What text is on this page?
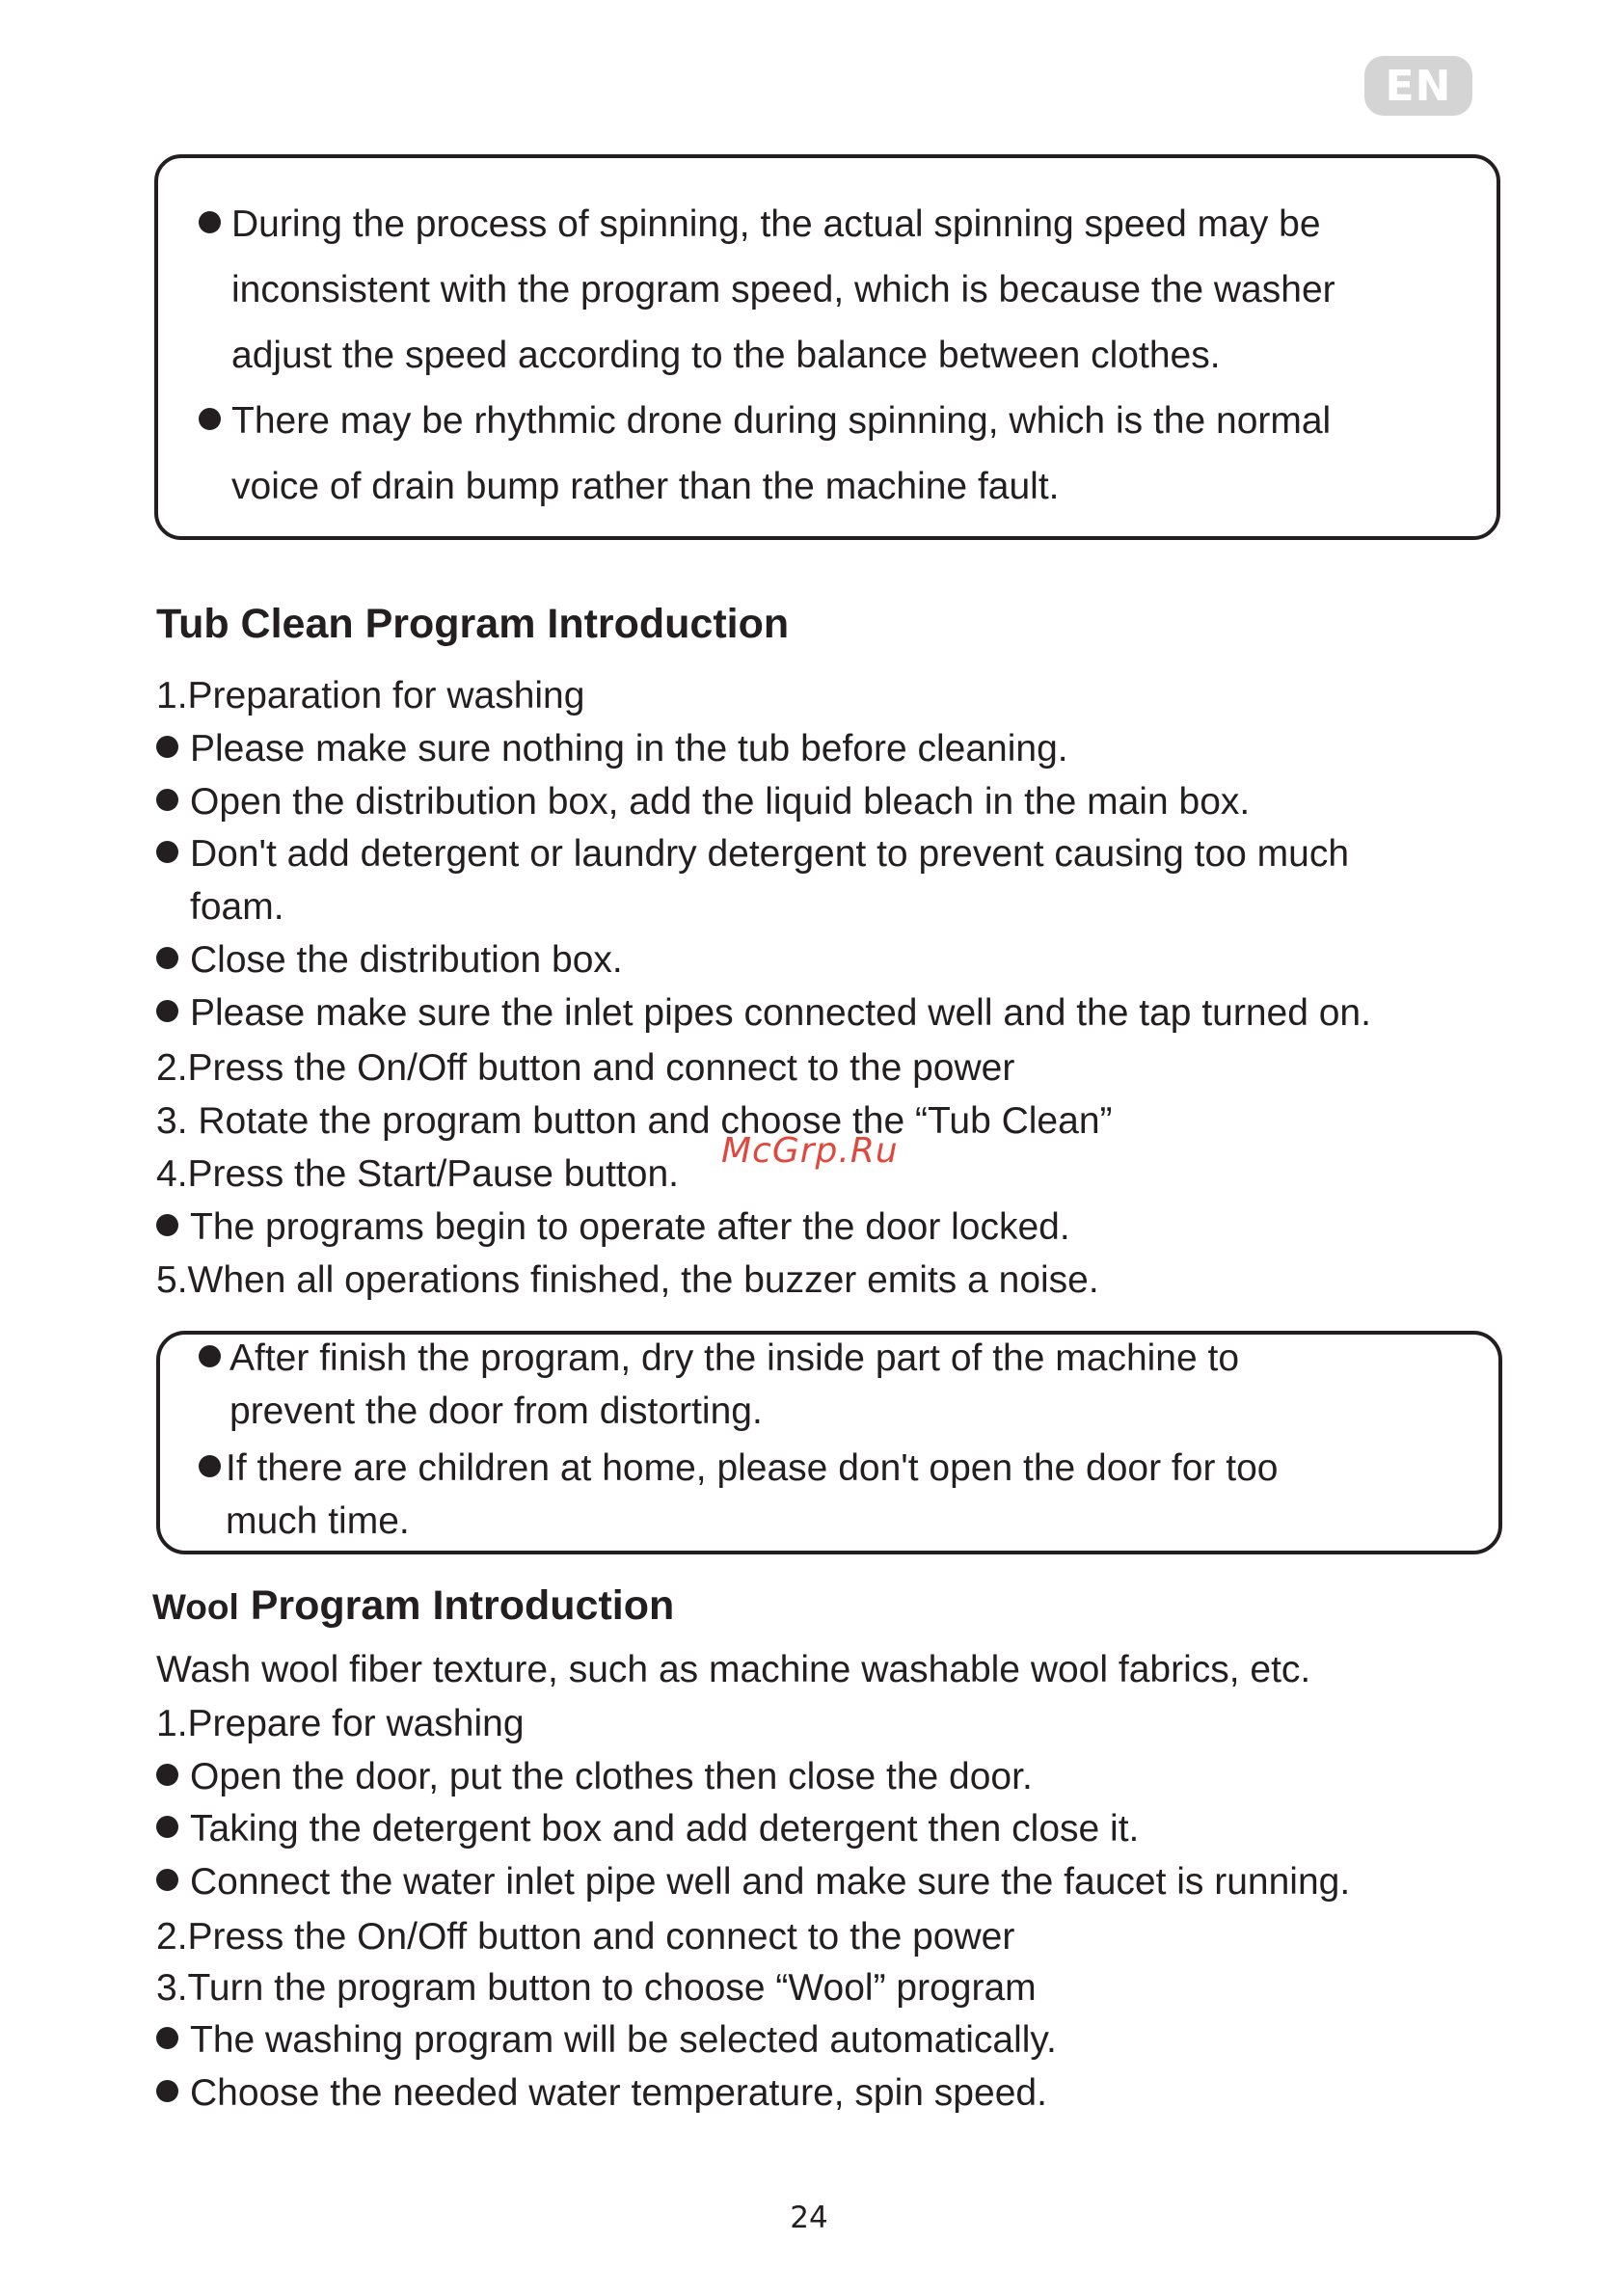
EN
During the process of spinning, the actual spinning speed may be
inconsistent with the program speed, which is because the washer
adjust the speed according to the balance between clothes.
There may be rhythmic drone during spinning, which is the normal
voice of drain bump rather than the machine fault.
Tub Clean Program Introduction
1.Preparation for washing
Please make sure nothing in the tub before cleaning.
Open the distribution box, add the liquid bleach in the main box.
Don't add detergent or laundry detergent to prevent causing too much
foam.
Close the distribution box.
Please make sure the inlet pipes connected well and the tap turned on.
2.Press the On/Off button and connect to the power
3. Rotate the program button and choose the “Tub Clean”
4.Press the Start/Pause button.
The programs begin to operate after the door locked.
5.When all operations finished, the buzzer emits a noise.
McGrp.Ru
After finish the program, dry the inside part of the machine to
prevent the door from distorting.
If there are children at home, please don't open the door for too
much time.
Wool Program Introduction
Wash wool fiber texture, such as machine washable wool fabrics, etc.
1.Prepare for washing
Open the door, put the clothes then close the door.
Taking the detergent box and add detergent then close it.
Connect the water inlet pipe well and make sure the faucet is running.
2.Press the On/Off button and connect to the power
3.Turn the program button to choose “Wool” program
The washing program will be selected automatically.
Choose the needed water temperature, spin speed.
24
